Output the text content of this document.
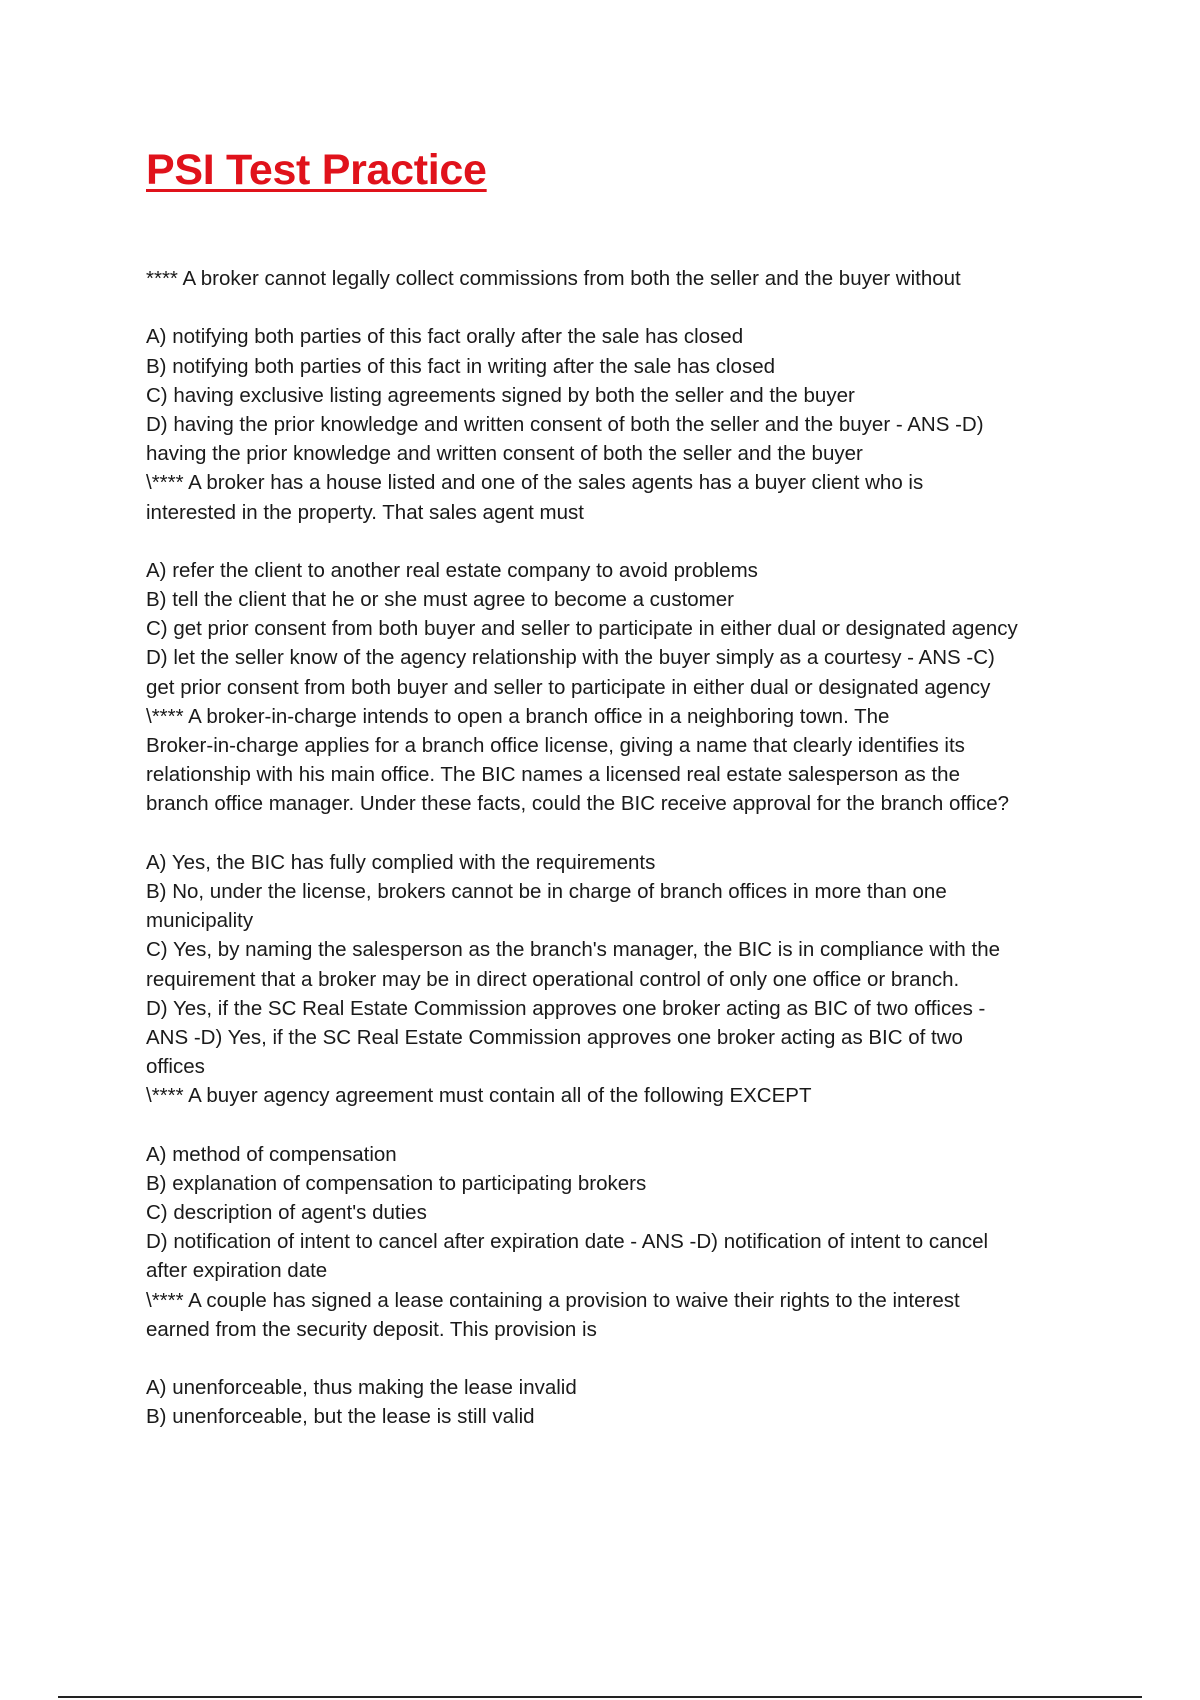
PSI Test Practice
**** A broker cannot legally collect commissions from both the seller and the buyer without
A) notifying both parties of this fact orally after the sale has closed
B) notifying both parties of this fact in writing after the sale has closed
C) having exclusive listing agreements signed by both the seller and the buyer
D) having the prior knowledge and written consent of both the seller and the buyer - ANS -D)
having the prior knowledge and written consent of both the seller and the buyer
\**** A broker has a house listed and one of the sales agents has a buyer client who is
interested in the property. That sales agent must
A) refer the client to another real estate company to avoid problems
B) tell the client that he or she must agree to become a customer
C) get prior consent from both buyer and seller to participate in either dual or designated agency
D) let the seller know of the agency relationship with the buyer simply as a courtesy - ANS -C)
get prior consent from both buyer and seller to participate in either dual or designated agency
\**** A broker-in-charge intends to open a branch office in a neighboring town. The
Broker-in-charge applies for a branch office license, giving a name that clearly identifies its
relationship with his main office. The BIC names a licensed real estate salesperson as the
branch office manager. Under these facts, could the BIC receive approval for the branch office?
A) Yes, the BIC has fully complied with the requirements
B) No, under the license, brokers cannot be in charge of branch offices in more than one
municipality
C) Yes, by naming the salesperson as the branch's manager, the BIC is in compliance with the
requirement that a broker may be in direct operational control of only one office or branch.
D) Yes, if the SC Real Estate Commission approves one broker acting as BIC of two offices -
ANS -D) Yes, if the SC Real Estate Commission approves one broker acting as BIC of two
offices
\**** A buyer agency agreement must contain all of the following EXCEPT
A) method of compensation
B) explanation of compensation to participating brokers
C) description of agent's duties
D) notification of intent to cancel after expiration date - ANS -D) notification of intent to cancel
after expiration date
\**** A couple has signed a lease containing a provision to waive their rights to the interest
earned from the security deposit. This provision is
A) unenforceable, thus making the lease invalid
B) unenforceable, but the lease is still valid
